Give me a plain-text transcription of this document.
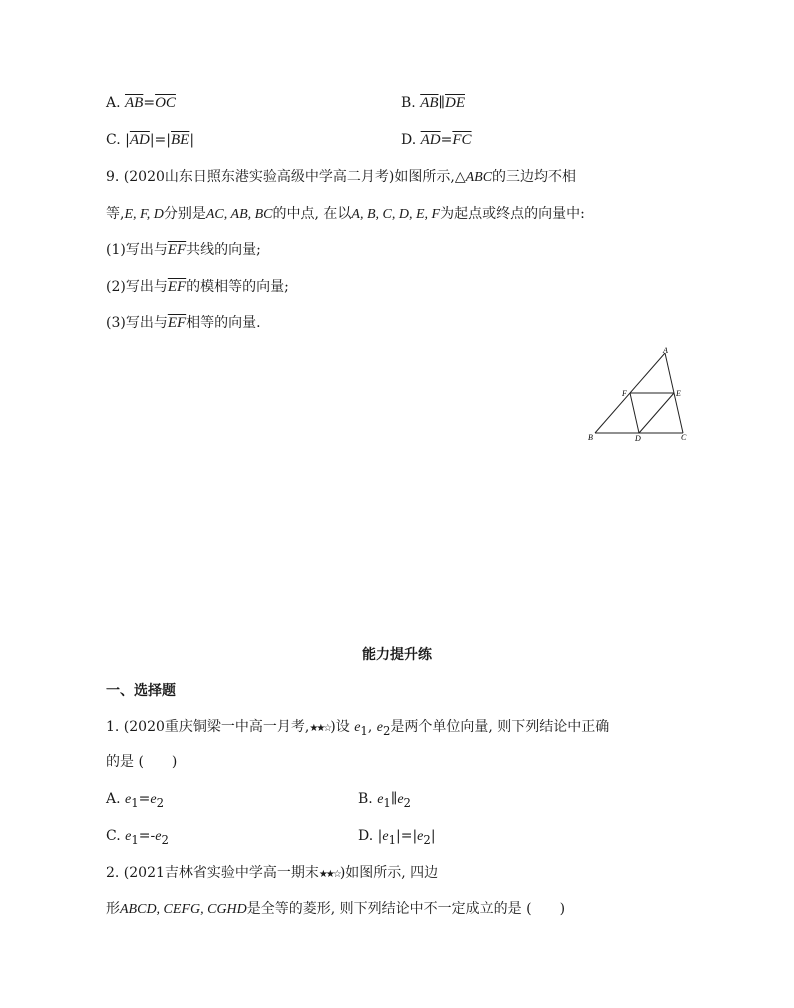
A. $\overline{AB}=\overline{OC}$	B. $\overline{AB}\parallel\overline{DE}$
C. $|\overline{AD}|=|\overline{BE}|$	D. $\overline{AD}=\overline{FC}$
9. (2020山东日照东港实验高级中学高二月考)如图所示,△ABC的三边均不相
等,E, F, D分别是AC, AB, BC的中点, 在以A, B, C, D, E, F为起点或终点的向量中:
(1)写出与$\overline{EF}$共线的向量;
(2)写出与$\overline{EF}$的模相等的向量;
(3)写出与$\overline{EF}$相等的向量.
A
B	C
D
E
F
能力提升练
一、选择题
1. (2020重庆铜梁一中高一月考,★★☆)设 $e_1$, $e_2$是两个单位向量, 则下列结论中正确
的是 (　　)
A. $e_1=e_2$	B. $e_1\parallel e_2$
C. $e_1=-e_2$	D. $|e_1|=|e_2|$
2. (2021吉林省实验中学高一期末★★☆)如图所示, 四边
形ABCD, CEFG, CGHD是全等的菱形, 则下列结论中不一定成立的是 (　　)
